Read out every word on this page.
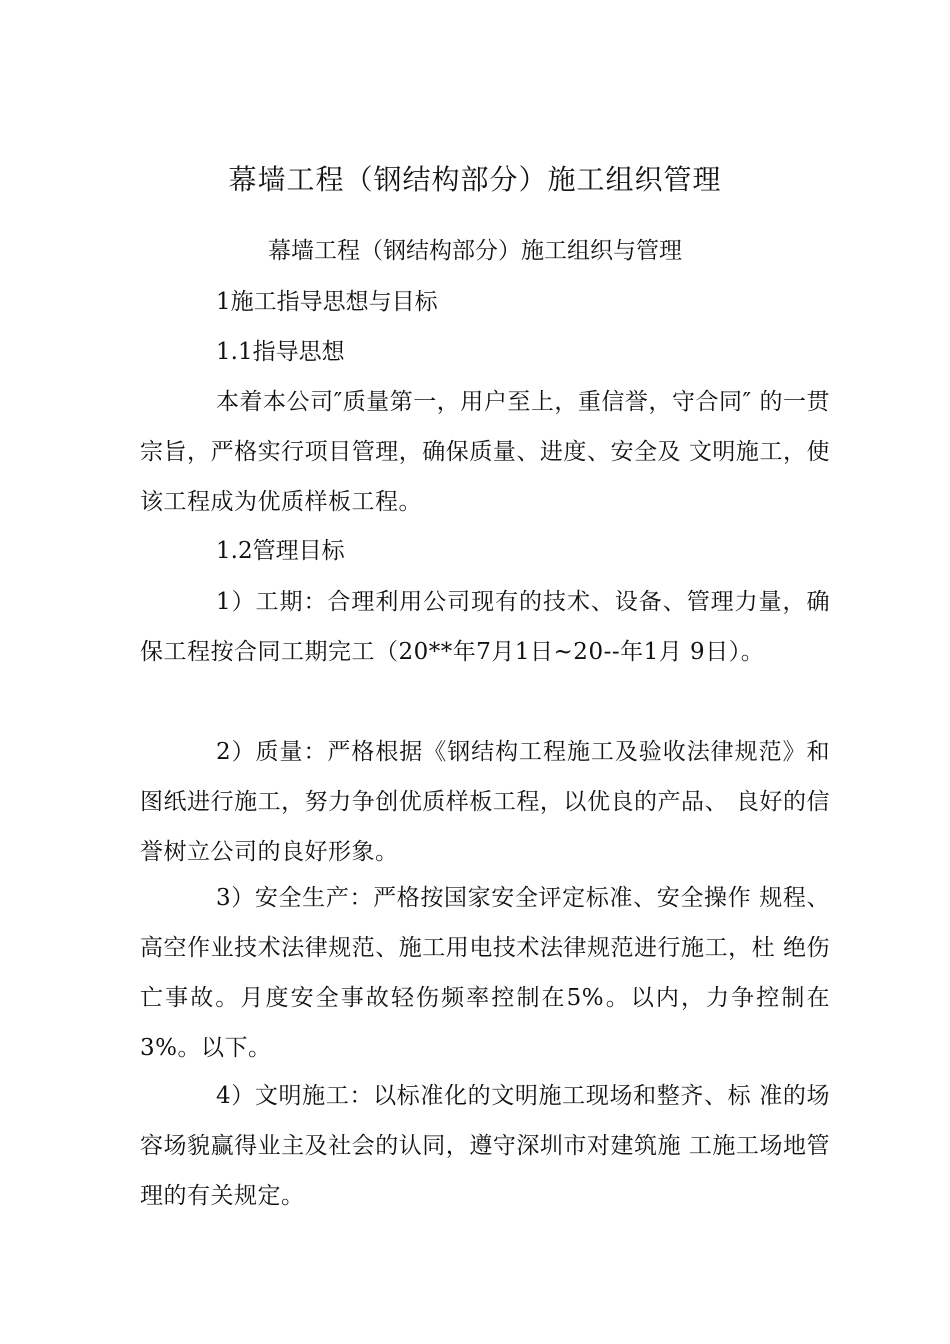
幕墙工程（钢结构部分）施工组织管理
幕墙工程（钢结构部分）施工组织与管理
1施工指导思想与目标
1.1指导思想
本着本公司″质量第一，用户至上，重信誉，守合同″ 的一贯宗旨，严格实行项目管理，确保质量、进度、安全及 文明施工，使该工程成为优质样板工程。
1.2管理目标
1）工期：合理利用公司现有的技术、设备、管理力量，确保工程按合同工期完工（20**年7月1日~20--年1月 9日）。
2）质量：严格根据《钢结构工程施工及验收法律规范》和图纸进行施工，努力争创优质样板工程，以优良的产品、 良好的信誉树立公司的良好形象。
3）安全生产：严格按国家安全评定标准、安全操作 规程、高空作业技术法律规范、施工用电技术法律规范进行施工，杜 绝伤亡事故。月度安全事故轻伤频率控制在5%。以内，力争控制在3%。以下。
4）文明施工：以标准化的文明施工现场和整齐、标 准的场容场貌赢得业主及社会的认同，遵守深圳市对建筑施 工施工场地管理的有关规定。
